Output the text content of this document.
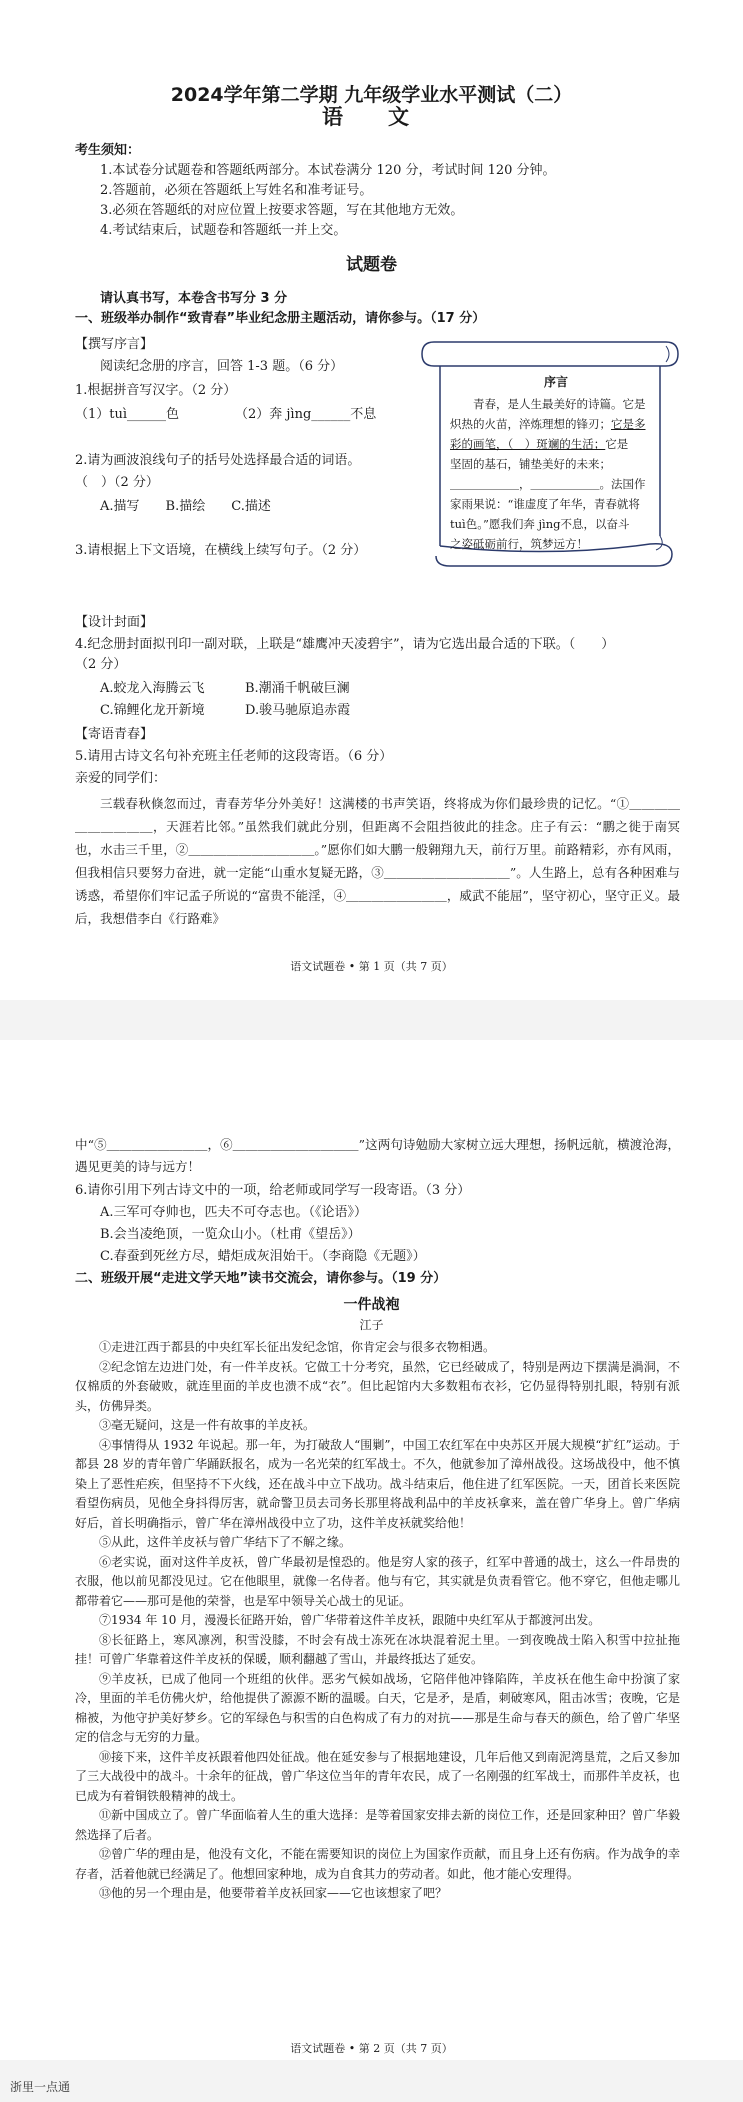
2024学年第二学期 九年级学业水平测试（二）
语　文
考生须知：
1.本试卷分试题卷和答题纸两部分。本试卷满分 120 分，考试时间 120 分钟。
2.答题前，必须在答题纸上写姓名和准考证号。
3.必须在答题纸的对应位置上按要求答题，写在其他地方无效。
4.考试结束后，试题卷和答题纸一并上交。
试题卷
请认真书写，本卷含书写分 3 分
一、班级举办制作“致青春”毕业纪念册主题活动，请你参与。（17 分）
【撰写序言】
阅读纪念册的序言，回答 1-3 题。（6 分）
1.根据拼音写汉字。（2 分）
（1）tuì______色	（2）奔 jìng______不息
2.请为画波浪线句子的括号处选择最合适的词语。
（　）（2 分）
A.描写　　B.描绘　　C.描述
3.请根据上下文语境，在横线上续写句子。（2 分）
序言
青春，是人生最美好的诗篇。它是
炽热的火苗，淬炼理想的锋刃；它是多
彩的画笔，（　）斑斓的生活；它是
坚固的基石，铺垫美好的未来；
＿＿＿＿＿＿，＿＿＿＿＿＿。法国作
家雨果说：“谁虚度了年华，青春就将
tuì色。”愿我们奔 jìng不息，以奋斗
之姿砥砺前行，筑梦远方！
【设计封面】
4.纪念册封面拟刊印一副对联，上联是“雄鹰冲天凌碧宇”，请为它选出最合适的下联。（　　）
（2 分）
A.蛟龙入海腾云飞	B.潮涌千帆破巨澜
C.锦鲤化龙开新境	D.骏马驰原追赤霞
【寄语青春】
5.请用古诗文名句补充班主任老师的这段寄语。（6 分）
亲爱的同学们：
三载春秋倏忽而过，青春芳华分外美好！这满楼的书声笑语，终将成为你们最珍贵的记忆。“①＿＿＿＿＿＿＿＿＿＿，天涯若比邻。”虽然我们就此分别，但距离不会阻挡彼此的挂念。庄子有云：“鹏之徙于南冥也，水击三千里，②＿＿＿＿＿＿＿＿＿＿。”愿你们如大鹏一般翱翔九天，前行万里。前路精彩，亦有风雨，但我相信只要努力奋进，就一定能“山重水复疑无路，③＿＿＿＿＿＿＿＿＿＿”。人生路上，总有各种困难与诱惑，希望你们牢记孟子所说的“富贵不能淫，④＿＿＿＿＿＿＿＿，威武不能屈”，坚守初心，坚守正义。最后，我想借李白《行路难》
语文试题卷 • 第 1 页（共 7 页）
中“⑤＿＿＿＿＿＿＿＿，⑥＿＿＿＿＿＿＿＿＿＿”这两句诗勉励大家树立远大理想，扬帆远航，横渡沧海，遇见更美的诗与远方！
6.请你引用下列古诗文中的一项，给老师或同学写一段寄语。（3 分）
A.三军可夺帅也，匹夫不可夺志也。（《论语》）
B.会当凌绝顶，一览众山小。（杜甫《望岳》）
C.春蚕到死丝方尽，蜡炬成灰泪始干。（李商隐《无题》）
二、班级开展“走进文学天地”读书交流会，请你参与。（19 分）
一件战袍
江子
①走进江西于都县的中央红军长征出发纪念馆，你肯定会与很多衣物相遇。
②纪念馆左边进门处，有一件羊皮袄。它做工十分考究，虽然，它已经破成了，特别是两边下摆满是渦洞，不仅棉质的外套破败，就连里面的羊皮也溃不成“衣”。但比起馆内大多数粗布衣衫，它仍显得特别扎眼，特别有派头，仿佛异类。
③毫无疑问，这是一件有故事的羊皮袄。
④事情得从 1932 年说起。那一年，为打破敌人“围剿”，中国工农红军在中央苏区开展大规模“扩红”运动。于都县 28 岁的青年曾广华踊跃报名，成为一名光荣的红军战士。不久，他就参加了漳州战役。这场战役中，他不慎染上了恶性疟疾，但坚持不下火线，还在战斗中立下战功。战斗结束后，他住进了红军医院。一天，团首长来医院看望伤病员，见他全身抖得厉害，就命警卫员去司务长那里将战利品中的羊皮袄拿来，盖在曾广华身上。曾广华病好后，首长明确指示，曾广华在漳州战役中立了功，这件羊皮袄就奖给他！
⑤从此，这件羊皮袄与曾广华结下了不解之缘。
⑥老实说，面对这件羊皮袄，曾广华最初是惶恐的。他是穷人家的孩子，红军中普通的战士，这么一件昂贵的衣服，他以前见都没见过。它在他眼里，就像一名侍者。他与有它，其实就是负责看管它。他不穿它，但他走哪儿都带着它——那可是他的荣誉，也是军中领导关心战士的见证。
⑦1934 年 10 月，漫漫长征路开始，曾广华带着这件羊皮袄，跟随中央红军从于都渡河出发。
⑧长征路上，寒风凛冽，积雪没膝，不时会有战士冻死在冰块混着泥土里。一到夜晚战士陷入积雪中拉扯拖挂！可曾广华靠着这件羊皮袄的保暖，顺利翻越了雪山，并最终抵达了延安。
⑨羊皮袄，已成了他同一个班组的伙伴。恶劣气候如战场，它陪伴他冲锋陷阵，羊皮袄在他生命中扮演了家冷，里面的羊毛仿佛火炉，给他提供了源源不断的温暖。白天，它是矛，是盾，刺破寒风，阻击冰雪；夜晚，它是棉被，为他守护美好梦乡。它的军绿色与积雪的白色构成了有力的对抗——那是生命与春天的颜色，给了曾广华坚定的信念与无穷的力量。
⑩接下来，这件羊皮袄跟着他四处征战。他在延安参与了根据地建设，几年后他又到南泥湾垦荒，之后又参加了三大战役中的战斗。十余年的征战，曾广华这位当年的青年农民，成了一名刚强的红军战士，而那件羊皮袄，也已成为有着铜铁般精神的战士。
⑪新中国成立了。曾广华面临着人生的重大选择：是等着国家安排去新的岗位工作，还是回家种田？曾广华毅然选择了后者。
⑫曾广华的理由是，他没有文化，不能在需要知识的岗位上为国家作贡献，而且身上还有伤病。作为战争的幸存者，活着他就已经满足了。他想回家种地，成为自食其力的劳动者。如此，他才能心安理得。
⑬他的另一个理由是，他要带着羊皮袄回家——它也该想家了吧？
语文试题卷 • 第 2 页（共 7 页）
浙里一点通
